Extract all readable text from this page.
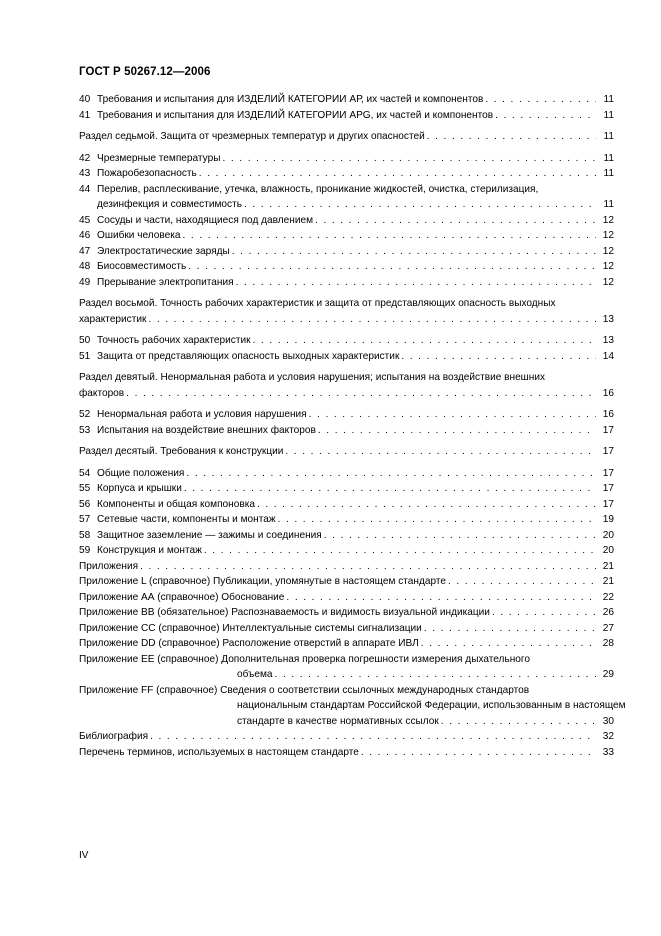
ГОСТ Р 50267.12—2006
40 Требования и испытания для ИЗДЕЛИЙ КАТЕГОРИИ АР, их частей и компонентов . . .	11
41 Требования и испытания для ИЗДЕЛИЙ КАТЕГОРИИ АРG, их частей и компонентов . . .	11
Раздел седьмой. Защита от чрезмерных температур и других опасностей . . .	11
42 Чрезмерные температуры . . .	11
43 Пожаробезопасность . . .	11
44 Перелив, расплескивание, утечка, влажность, проникание жидкостей, очистка, стерилизация,
дезинфекция и совместимость . . .	11
45 Сосуды и части, находящиеся под давлением . . .	12
46 Ошибки человека . . .	12
47 Электростатические заряды . . .	12
48 Биосовместимость . . .	12
49 Прерывание электропитания . . .	12
Раздел восьмой. Точность рабочих характеристик и защита от представляющих опасность выходных
характеристик . . .	13
50 Точность рабочих характеристик . . .	13
51 Защита от представляющих опасность выходных характеристик . . .	14
Раздел девятый. Ненормальная работа и условия нарушения; испытания на воздействие внешних
факторов . . .	16
52 Ненормальная работа и условия нарушения . . .	16
53 Испытания на воздействие внешних факторов . . .	17
Раздел десятый. Требования к конструкции . . .	17
54 Общие положения . . .	17
55 Корпуса и крышки . . .	17
56 Компоненты и общая компоновка . . .	17
57 Сетевые части, компоненты и монтаж . . .	19
58 Защитное заземление — зажимы и соединения . . .	20
59 Конструкция и монтаж . . .	20
Приложения . . .	21
Приложение L (справочное) Публикации, упомянутые в настоящем стандарте . . .	21
Приложение АА (справочное) Обоснование . . .	22
Приложение ВВ (обязательное) Распознаваемость и видимость визуальной индикации . . .	26
Приложение СС (справочное) Интеллектуальные системы сигнализации . . .	27
Приложение DD (справочное) Расположение отверстий в аппарате ИВЛ . . .	28
Приложение ЕЕ (справочное) Дополнительная проверка погрешности измерения дыхательного
объема . . .	29
Приложение FF (справочное) Сведения о соответствии ссылочных международных стандартов
национальным стандартам Российской Федерации, использованным в настоящем
стандарте в качестве нормативных ссылок . . .	30
Библиография . . .	32
Перечень терминов, используемых в настоящем стандарте . . .	33
IV
